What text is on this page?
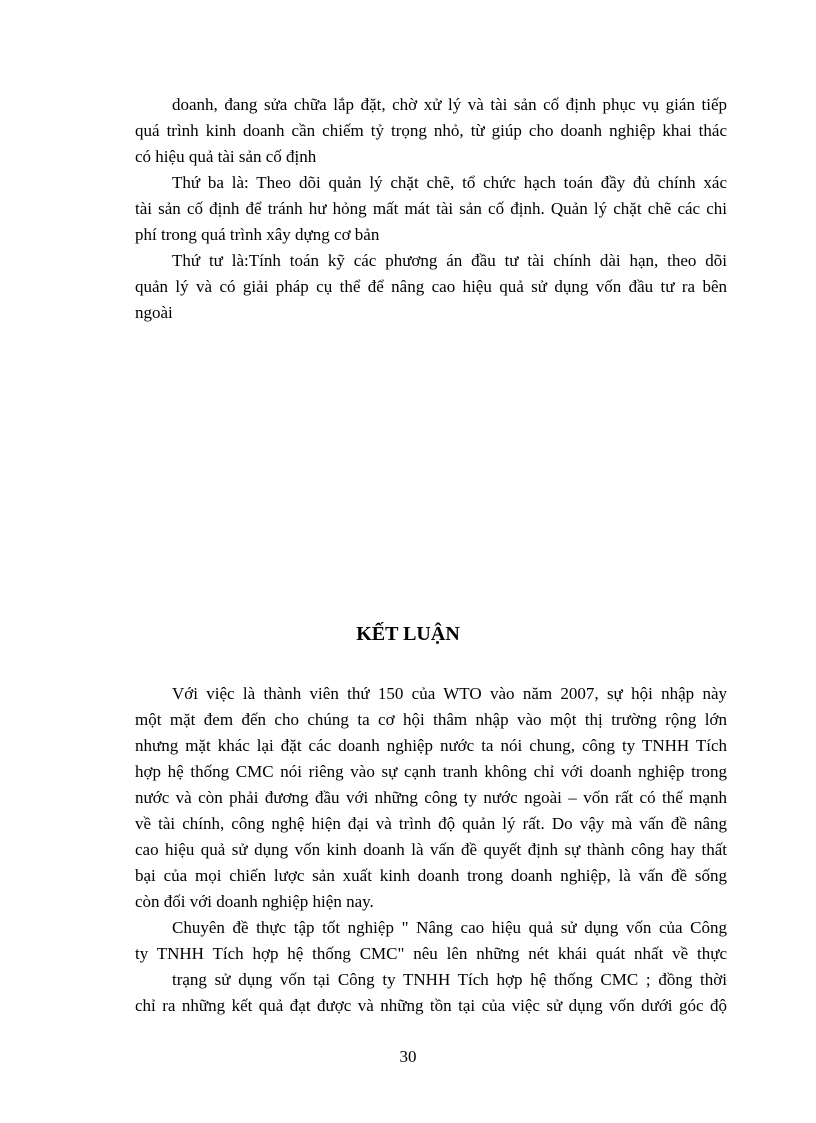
doanh, đang sửa chữa lắp đặt, chờ xử lý và tài sản cố định phục vụ gián tiếp
quá trình kinh doanh cần chiếm tỷ trọng nhỏ, từ giúp cho doanh nghiệp khai thác
có hiệu quả tài sản cố định
Thứ ba là: Theo dõi quản lý chặt chẽ, tổ chức hạch toán đầy đủ chính xác
tài sản cố định để tránh hư hỏng mất mát tài sản cố định. Quản lý chặt chẽ các chi
phí trong quá trình xây dựng cơ bản
Thứ tư là:Tính toán kỹ các phương án đầu tư tài chính dài hạn, theo dõi
quản lý và có giải pháp cụ thể để nâng cao hiệu quả sử dụng vốn đầu tư ra bên
ngoài
KẾT LUẬN
Với việc là thành viên thứ 150 của WTO vào năm 2007, sự hội nhập này
một mặt đem đến cho chúng ta cơ hội thâm nhập vào một thị trường rộng lớn
nhưng mặt khác lại đặt các doanh nghiệp nước ta nói chung, công ty TNHH Tích
hợp hệ thống CMC nói riêng vào sự cạnh tranh không chỉ với doanh nghiệp trong
nước và còn phải đương đầu với những công ty nước ngoài – vốn rất có thế mạnh
về tài chính, công nghệ hiện đại và trình độ quản lý rất. Do vậy mà vấn đề nâng
cao hiệu quả sử dụng vốn kinh doanh là vấn đề quyết định sự thành công hay thất
bại của mọi chiến lược sản xuất kinh doanh trong doanh nghiệp, là vấn đề sống
còn đối với doanh nghiệp hiện nay.
Chuyên đề thực tập tốt nghiệp " Nâng cao hiệu quả sử dụng vốn của Công
ty TNHH Tích hợp hệ thống CMC" nêu lên những nét khái quát nhất về thực
trạng sử dụng vốn tại Công ty TNHH Tích hợp hệ thống CMC ; đồng thời
chỉ ra những kết quả đạt được và những tồn tại của việc sử dụng vốn dưới góc độ
30
